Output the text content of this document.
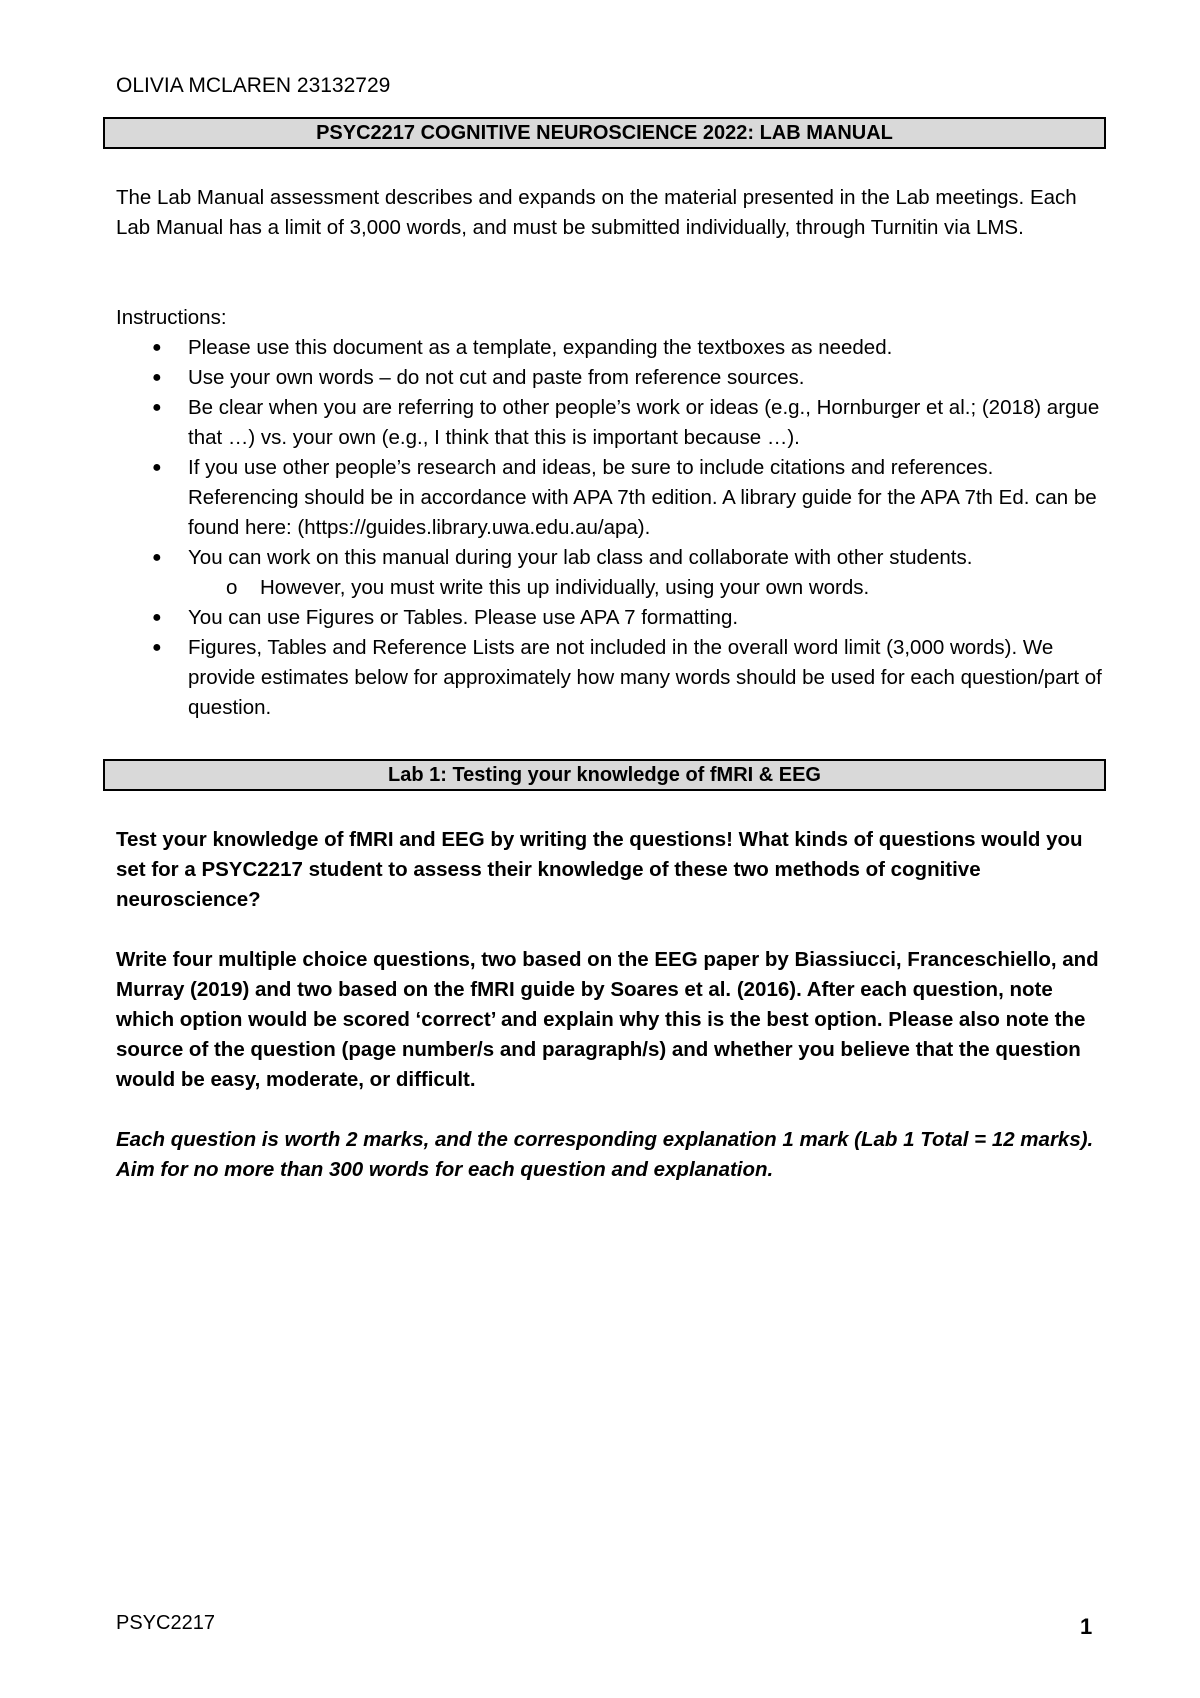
OLIVIA MCLAREN 23132729
PSYC2217 COGNITIVE NEUROSCIENCE 2022: LAB MANUAL

The Lab Manual assessment describes and expands on the material presented in the Lab meetings. Each Lab Manual has a limit of 3,000 words, and must be submitted individually, through Turnitin via LMS.

Instructions:

● Please use this document as a template, expanding the textboxes as needed.
● Use your own words – do not cut and paste from reference sources.
● Be clear when you are referring to other people’s work or ideas (e.g., Hornburger et al.; (2018) argue that …) vs. your own (e.g., I think that this is important because …).
● If you use other people’s research and ideas, be sure to include citations and references. Referencing should be in accordance with APA 7th edition. A library guide for the APA 7th Ed. can be found here: (https://guides.library.uwa.edu.au/apa).
● You can work on this manual during your lab class and collaborate with other students.
o However, you must write this up individually, using your own words.
● You can use Figures or Tables. Please use APA 7 formatting.
● Figures, Tables and Reference Lists are not included in the overall word limit (3,000 words). We provide estimates below for approximately how many words should be used for each question/part of question.
Lab 1: Testing your knowledge of fMRI & EEG

Test your knowledge of fMRI and EEG by writing the questions! What kinds of questions would you set for a PSYC2217 student to assess their knowledge of these two methods of cognitive neuroscience?

Write four multiple choice questions, two based on the EEG paper by Biassiucci, Franceschiello, and Murray (2019) and two based on the fMRI guide by Soares et al. (2016). After each question, note which option would be scored ‘correct’ and explain why this is the best option. Please also note the source of the question (page number/s and paragraph/s) and whether you believe that the question would be easy, moderate, or difficult.

Each question is worth 2 marks, and the corresponding explanation 1 mark (Lab 1 Total = 12 marks). Aim for no more than 300 words for each question and explanation.

PSYC2217	1
